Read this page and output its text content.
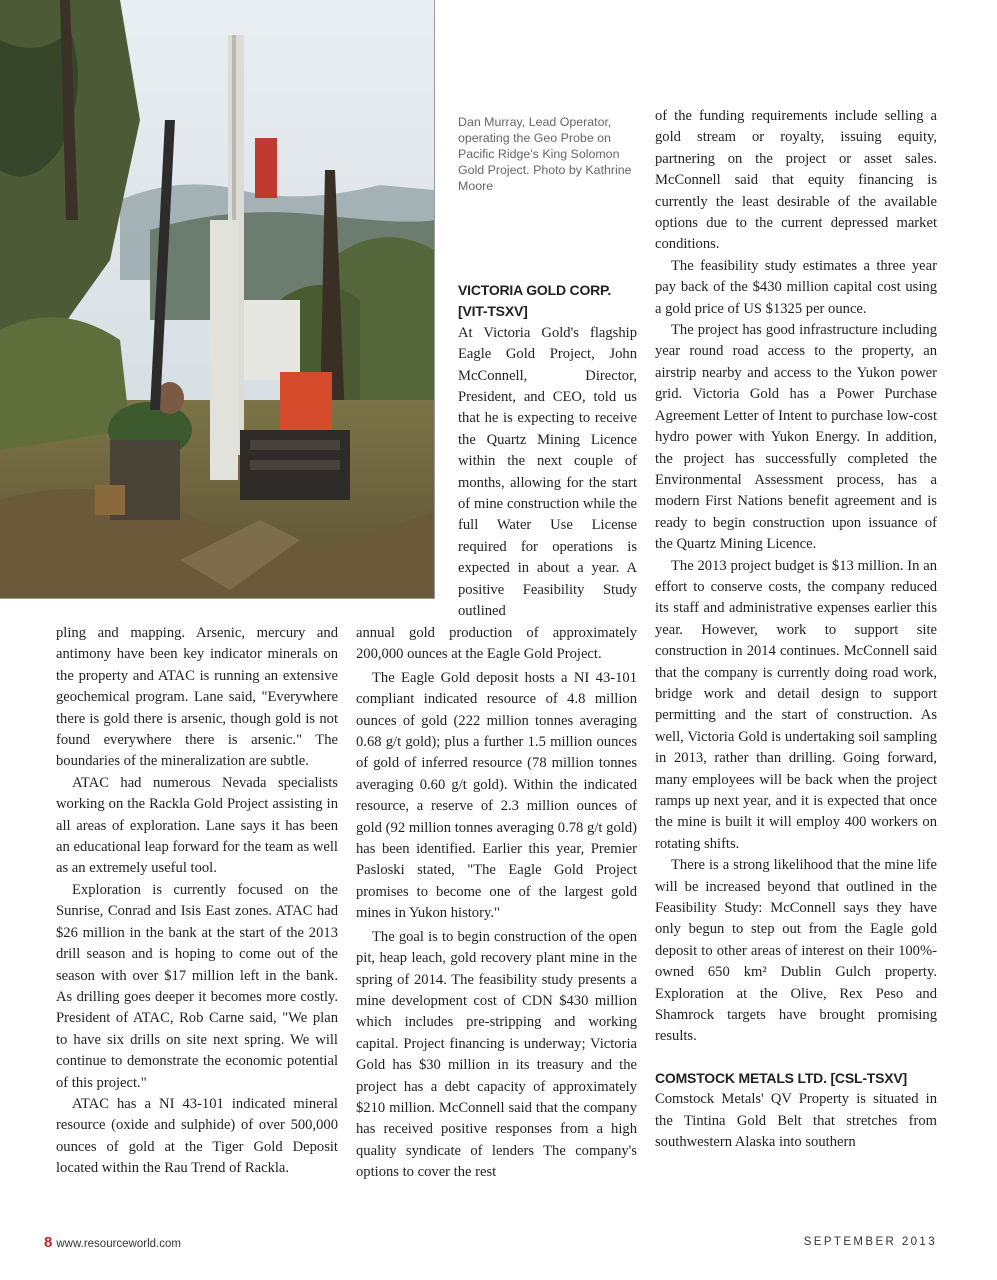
Dan Murray, Lead Operator, operating the Geo Probe on Pacific Ridge's King Solomon Gold Project. Photo by Kathrine Moore

pling and mapping. Arsenic, mercury and antimony have been key indicator minerals on the property and ATAC is running an extensive geochemical program. Lane said, "Everywhere there is gold there is arsenic, though gold is not found everywhere there is arsenic." The boundaries of the mineralization are subtle.

ATAC had numerous Nevada specialists working on the Rackla Gold Project assisting in all areas of exploration. Lane says it has been an educational leap forward for the team as well as an extremely useful tool.

Exploration is currently focused on the Sunrise, Conrad and Isis East zones. ATAC had $26 million in the bank at the start of the 2013 drill season and is hoping to come out of the season with over $17 million left in the bank. As drilling goes deeper it becomes more costly. President of ATAC, Rob Carne said, "We plan to have six drills on site next spring. We will continue to demonstrate the economic potential of this project."

ATAC has a NI 43-101 indicated mineral resource (oxide and sulphide) of over 500,000 ounces of gold at the Tiger Gold Deposit located within the Rau Trend of Rackla.

VICTORIA GOLD CORP.
[VIT-TSXV]

At Victoria Gold's flagship Eagle Gold Project, John McConnell, Director, President, and CEO, told us that he is expecting to receive the Quartz Mining Licence within the next couple of months, allowing for the start of mine construction while the full Water Use License required for operations is expected in about a year. A positive Feasibility Study outlined

annual gold production of approximately 200,000 ounces at the Eagle Gold Project.

The Eagle Gold deposit hosts a NI 43-101 compliant indicated resource of 4.8 million ounces of gold (222 million tonnes averaging 0.68 g/t gold); plus a further 1.5 million ounces of gold of inferred resource (78 million tonnes averaging 0.60 g/t gold). Within the indicated resource, a reserve of 2.3 million ounces of gold (92 million tonnes averaging 0.78 g/t gold) has been identified. Earlier this year, Premier Pasloski stated, "The Eagle Gold Project promises to become one of the largest gold mines in Yukon history."

The goal is to begin construction of the open pit, heap leach, gold recovery plant mine in the spring of 2014. The feasibility study presents a mine development cost of CDN $430 million which includes pre-stripping and working capital. Project financing is underway; Victoria Gold has $30 million in its treasury and the project has a debt capacity of approximately $210 million. McConnell said that the company has received positive responses from a high quality syndicate of lenders The company's options to cover the rest

of the funding requirements include selling a gold stream or royalty, issuing equity, partnering on the project or asset sales. McConnell said that equity financing is currently the least desirable of the available options due to the current depressed market conditions.

The feasibility study estimates a three year pay back of the $430 million capital cost using a gold price of US $1325 per ounce.

The project has good infrastructure including year round road access to the property, an airstrip nearby and access to the Yukon power grid. Victoria Gold has a Power Purchase Agreement Letter of Intent to purchase low-cost hydro power with Yukon Energy. In addition, the project has successfully completed the Environmental Assessment process, has a modern First Nations benefit agreement and is ready to begin construction upon issuance of the Quartz Mining Licence.

The 2013 project budget is $13 million. In an effort to conserve costs, the company reduced its staff and administrative expenses earlier this year. However, work to support site construction in 2014 continues. McConnell said that the company is currently doing road work, bridge work and detail design to support permitting and the start of construction. As well, Victoria Gold is undertaking soil sampling in 2013, rather than drilling. Going forward, many employees will be back when the project ramps up next year, and it is expected that once the mine is built it will employ 400 workers on rotating shifts.

There is a strong likelihood that the mine life will be increased beyond that outlined in the Feasibility Study: McConnell says they have only begun to step out from the Eagle gold deposit to other areas of interest on their 100%-owned 650 km² Dublin Gulch property. Exploration at the Olive, Rex Peso and Shamrock targets have brought promising results.

COMSTOCK METALS LTD. [CSL-TSXV]

Comstock Metals' QV Property is situated in the Tintina Gold Belt that stretches from southwestern Alaska into southern

8 www.resourceworld.com	SEPTEMBER 2013
